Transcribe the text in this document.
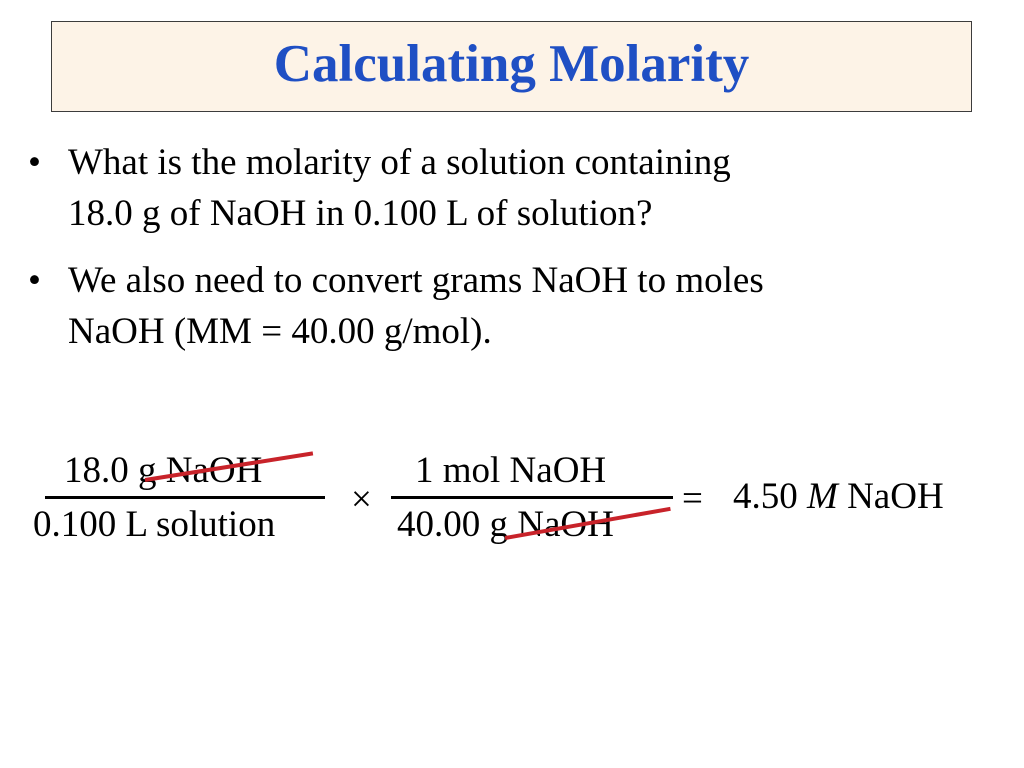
Calculating Molarity
• What is the molarity of a solution containing
18.0 g of NaOH in 0.100 L of solution?
• We also need to convert grams NaOH to moles
NaOH (MM = 40.00 g/mol).
18.0 g NaOH
0.100 L solution
×
1 mol NaOH
40.00 g NaOH
= 4.50 M NaOH
